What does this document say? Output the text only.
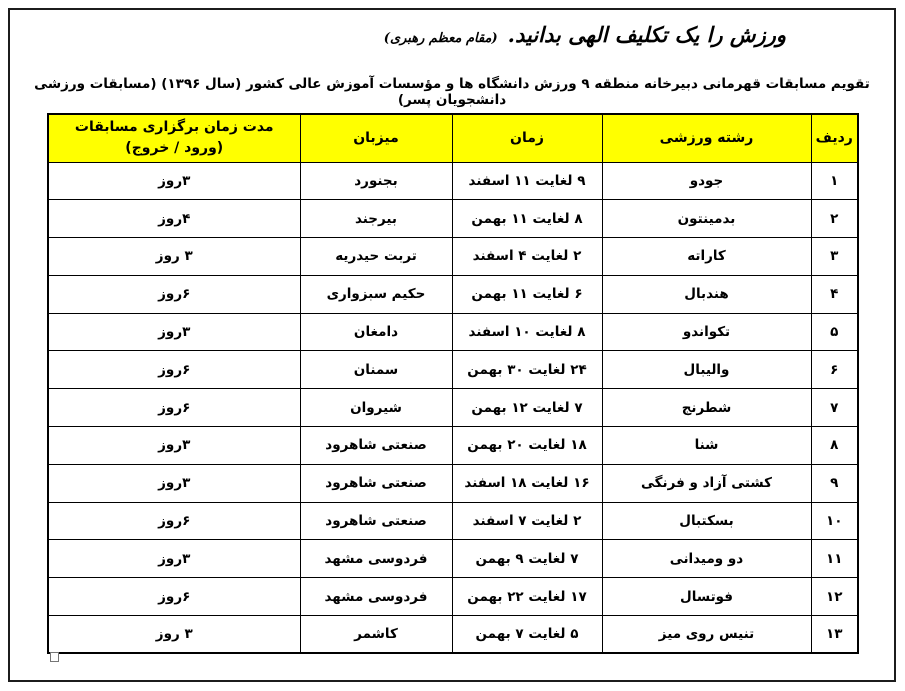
ورزش را یک تکلیف الهی بدانید.(مقام معظم رهبری)
تقویم مسابقات قهرمانی دبیرخانه منطقه ۹ ورزش دانشگاه ها و مؤسسات آموزش عالی کشور (سال ۱۳۹۶) (مسابقات ورزشی دانشجویان پسر)
ردیف	رشته ورزشی	زمان	میزبان	مدت زمان برگزاری مسابقات
(ورود / خروج)

۱	جودو	۹ لغایت ۱۱ اسفند	بجنورد	۳روز
۲	بدمینتون	۸ لغایت ۱۱ بهمن	بیرجند	۴روز
۳	کاراته	۲ لغایت ۴ اسفند	تربت حیدریه	۳ روز
۴	هندبال	۶ لغایت ۱۱ بهمن	حکیم سبزواری	۶روز
۵	تکواندو	۸ لغایت ۱۰ اسفند	دامغان	۳روز
۶	والیبال	۲۴ لغایت ۳۰ بهمن	سمنان	۶روز
۷	شطرنج	۷ لغایت ۱۲ بهمن	شیروان	۶روز
۸	شنا	۱۸ لغایت ۲۰ بهمن	صنعتی شاهرود	۳روز
۹	کشتی آزاد و فرنگی	۱۶ لغایت ۱۸ اسفند	صنعتی شاهرود	۳روز
۱۰	بسکتبال	۲ لغایت ۷ اسفند	صنعتی شاهرود	۶روز
۱۱	دو ومیدانی	۷ لغایت ۹ بهمن	فردوسی مشهد	۳روز
۱۲	فوتسال	۱۷ لغایت ۲۲ بهمن	فردوسی مشهد	۶روز
۱۳	تنیس روی میز	۵ لغایت ۷ بهمن	کاشمر	۳ روز
